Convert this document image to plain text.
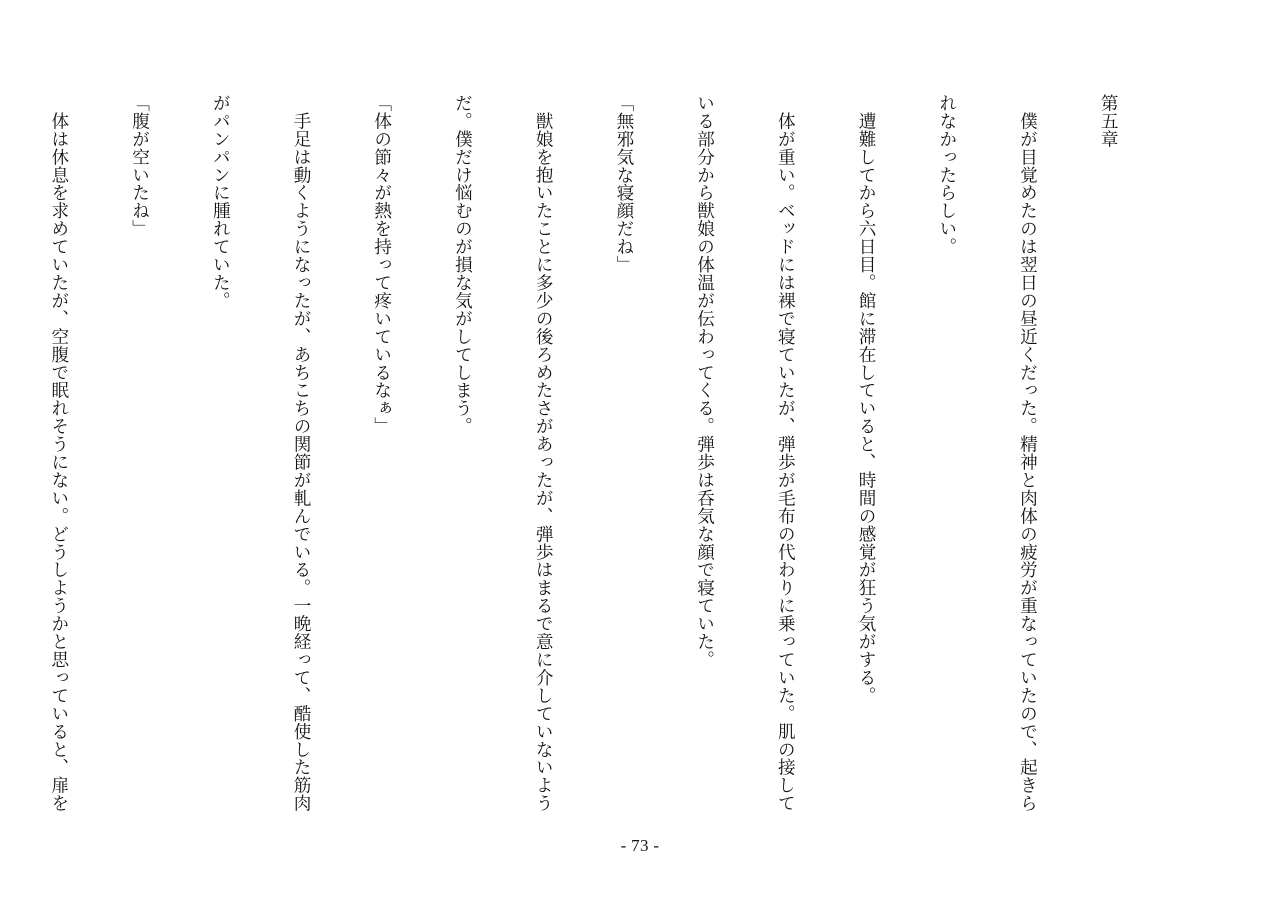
第五章

　僕が目覚めたのは翌日の昼近くだった。精神と肉体の疲労が重なっていたので、起きら

れなかったらしい。

　遭難してから六日目。館に滞在していると、時間の感覚が狂う気がする。

　体が重い。ベッドには裸で寝ていたが、弾歩が毛布の代わりに乗っていた。肌の接して

いる部分から獣娘の体温が伝わってくる。弾歩は呑気な顔で寝ていた。

「無邪気な寝顔だね」

　獣娘を抱いたことに多少の後ろめたさがあったが、弾歩はまるで意に介していないよう

だ。僕だけ悩むのが損な気がしてしまう。

「体の節々が熱を持って疼いているなぁ」

　手足は動くようになったが、あちこちの関節が軋んでいる。一晩経って、酷使した筋肉

がパンパンに腫れていた。

「腹が空いたね」

　体は休息を求めていたが、空腹で眠れそうにない。どうしようかと思っていると、扉を

- 73 -
